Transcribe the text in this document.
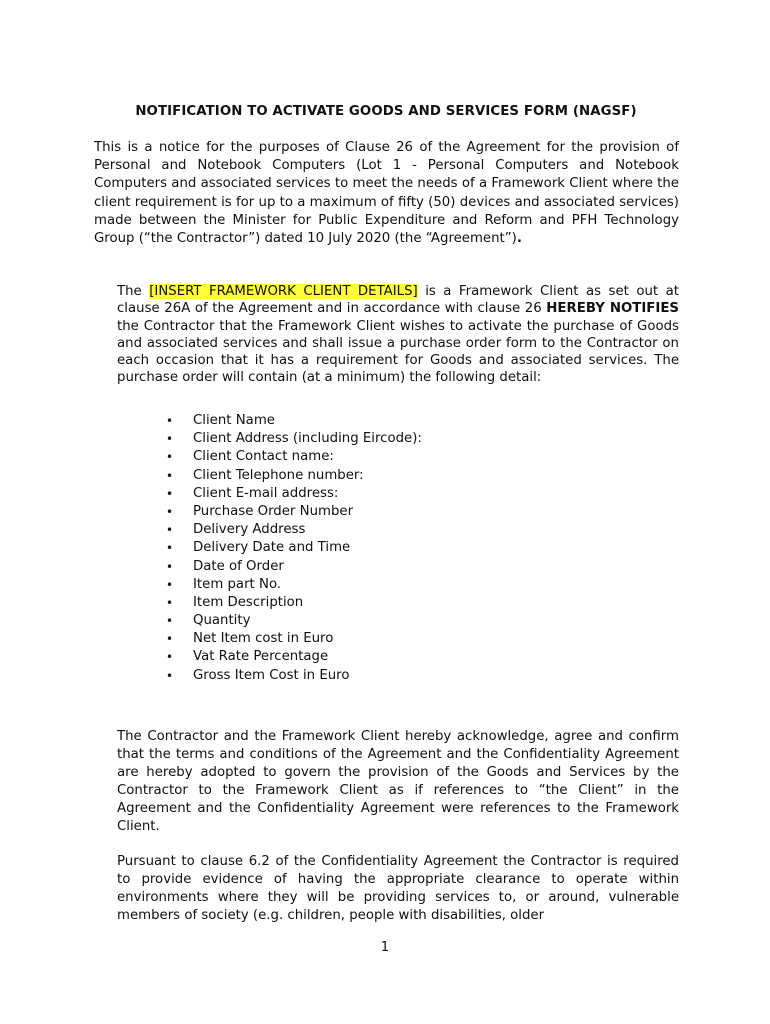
NOTIFICATION TO ACTIVATE GOODS AND SERVICES FORM (NAGSF)
This is a notice for the purposes of Clause 26 of the Agreement for the provision of Personal and Notebook Computers (Lot 1 - Personal Computers and Notebook Computers and associated services to meet the needs of a Framework Client where the client requirement is for up to a maximum of fifty (50) devices and associated services) made between the Minister for Public Expenditure and Reform and PFH Technology Group (“the Contractor”) dated 10 July 2020 (the “Agreement”).
The [INSERT FRAMEWORK CLIENT DETAILS] is a Framework Client as set out at clause 26A of the Agreement and in accordance with clause 26 HEREBY NOTIFIES the Contractor that the Framework Client wishes to activate the purchase of Goods and associated services and shall issue a purchase order form to the Contractor on each occasion that it has a requirement for Goods and associated services. The purchase order will contain (at a minimum) the following detail:
• Client Name
• Client Address (including Eircode):
• Client Contact name:
• Client Telephone number:
• Client E-mail address:
• Purchase Order Number
• Delivery Address
• Delivery Date and Time
• Date of Order
• Item part No.
• Item Description
• Quantity
• Net Item cost in Euro
• Vat Rate Percentage
• Gross Item Cost in Euro
The Contractor and the Framework Client hereby acknowledge, agree and confirm that the terms and conditions of the Agreement and the Confidentiality Agreement are hereby adopted to govern the provision of the Goods and Services by the Contractor to the Framework Client as if references to “the Client” in the Agreement and the Confidentiality Agreement were references to the Framework Client.
Pursuant to clause 6.2 of the Confidentiality Agreement the Contractor is required to provide evidence of having the appropriate clearance to operate within environments where they will be providing services to, or around, vulnerable members of society (e.g. children, people with disabilities, older
1
